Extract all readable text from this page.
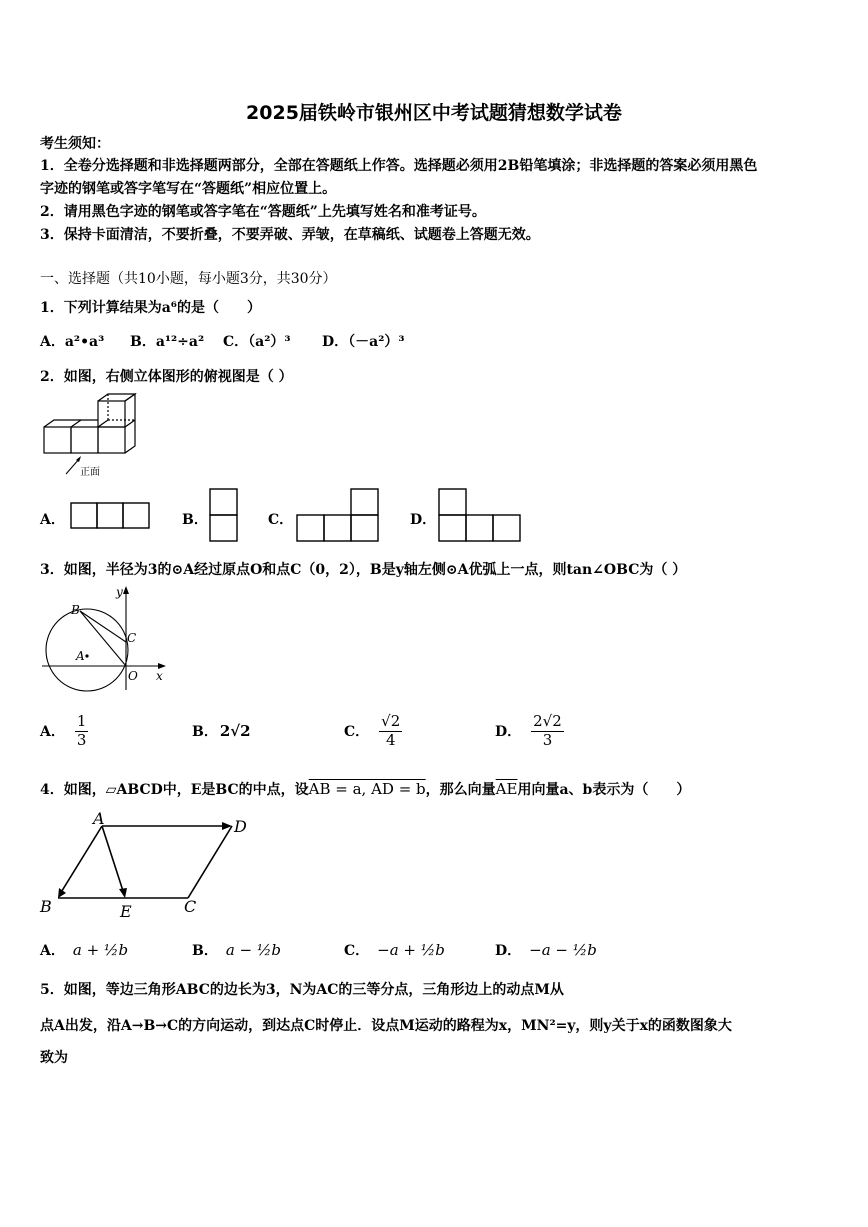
2025届铁岭市银州区中考试题猜想数学试卷
考生须知：
1．全卷分选择题和非选择题两部分，全部在答题纸上作答。选择题必须用2B铅笔填涂；非选择题的答案必须用黑色
字迹的钢笔或答字笔写在“答题纸”相应位置上。
2．请用黑色字迹的钢笔或答字笔在“答题纸”上先填写姓名和准考证号。
3．保持卡面清洁，不要折叠，不要弄破、弄皱，在草稿纸、试题卷上答题无效。
一、选择题（共10小题，每小题3分，共30分）
1．下列计算结果为a⁶的是（　　）
A．a²•a³ B．a¹²÷a² C．（a²）³ D．（－a²）³
2．如图，右侧立体图形的俯视图是（ ）
正面
A．	B．	C．	D．
3．如图，半径为3的⊙A经过原点O和点C（0，2），B是y轴左侧⊙A优弧上一点，则tan∠OBC为（ ）
y
x
B
C
A
O
A． $\frac{1}{3}$	B． 2√2	C． $\frac{√2}{4}$	D． $\frac{2√2}{3}$
4．如图，▱ABCD中，E是BC的中点，设 AB = a, AD = b ，那么向量 $\overline{AE}$ 用向量a、b表示为（　　）
A	D
B	E	C
A． a + ½b	B． a − ½b	C． −a + ½b	D． −a − ½b
5．如图，等边三角形ABC的边长为3，N为AC的三等分点，三角形边上的动点M从
点A出发，沿A→B→C的方向运动，到达点C时停止．设点M运动的路程为x，MN²=y，则y关于x的函数图象大
致为
